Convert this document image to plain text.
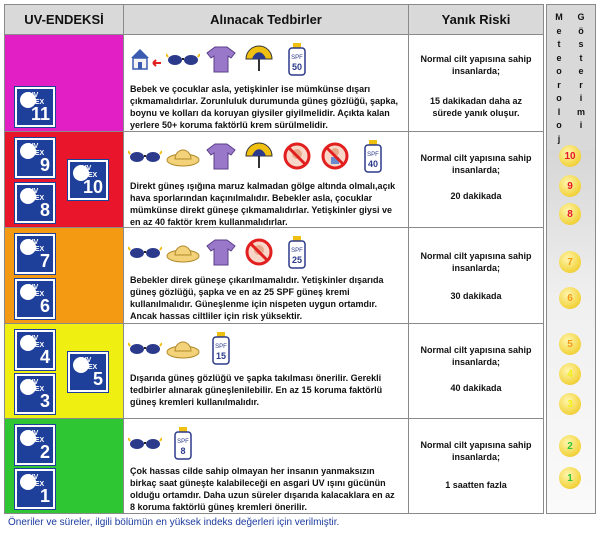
UV-ENDEKSİ	Alınacak Tedbirler	Yanık Riski
UV INDEX
11
SPF
50
Bebek ve çocuklar asla, yetişkinler ise mümkünse dışarı çıkmamalıdırlar. Zorunluluk durumunda güneş gözlüğü, şapka, boynu ve kolları da koruyan giysiler giyilmelidir. Açıkta kalan yerlere 50+ koruma faktörlü krem sürülmelidir.
Normal cilt yapısına sahip insanlarda;
15 dakikadan daha az sürede yanık oluşur.
UV INDEX
9
UV INDEX
8
UV INDEX
10
SPF
40
Direkt güneş ışığına maruz kalmadan gölge altında olmalı,açık hava sporlarından kaçınılmalıdır. Bebekler asla, çocuklar mümkünse direkt güneşe çıkmamalıdırlar. Yetişkinler giysi ve en az 40 faktör krem kullanmalıdırlar.
Normal cilt yapısına sahip insanlarda;
20 dakikada
UV INDEX
7
UV INDEX
6
SPF
25
Bebekler direk güneşe çıkarılmamalıdır. Yetişkinler dışarıda güneş gözlüğü, şapka ve en az 25 SPF güneş kremi kullanılmalıdır. Güneşlenme için nispeten uygun ortamdır. Ancak hassas ciltliler için risk yüksektir.
Normal cilt yapısına sahip insanlarda;
30 dakikada
UV INDEX
4
UV INDEX
3
UV INDEX
5
SPF
15
Dışarıda güneş gözlüğü ve şapka takılması önerilir. Gerekli tedbirler alınarak güneşlenilebilir. En az 15 koruma faktörlü güneş kremleri kullanılmalıdır.
Normal cilt yapısına sahip insanlarda;
40 dakikada
UV INDEX
2
UV INDEX
1
SPF
8
Çok hassas cilde sahip olmayan her insanın yanmaksızın birkaç saat güneşte kalabileceği en asgari UV ışını gücünün olduğu ortamdır. Daha uzun süreler dışarıda kalacaklara en az 8 koruma faktörlü güneş kremleri önerilir.
Normal cilt yapısına sahip insanlarda;
1 saatten fazla
M
e
t
e
o
r
o
l
o
j
G
ö
s
t
e
r
i
m
i
10
9
8
7
6
5
4
3
2
1
Öneriler ve süreler, ilgili bölümün en yüksek indeks değerleri için verilmiştir.
